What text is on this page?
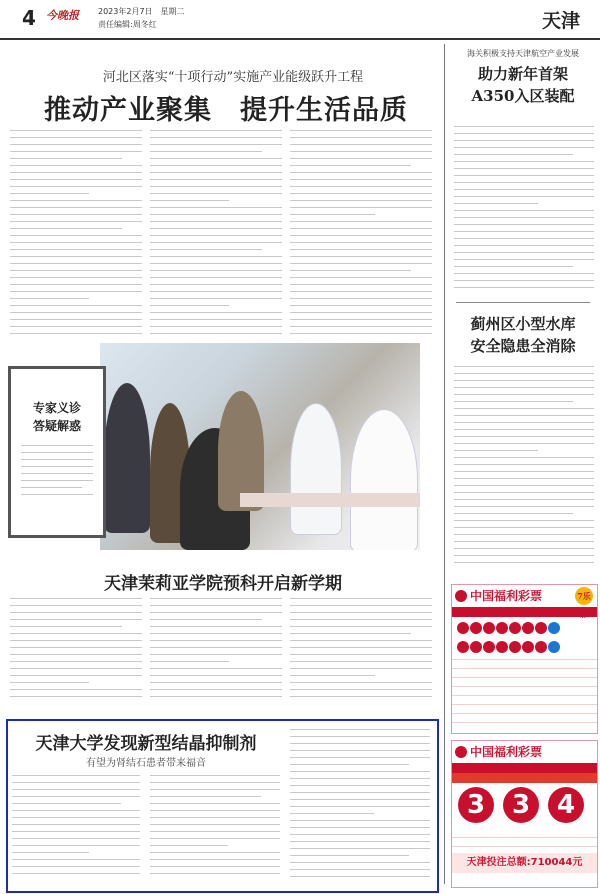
4 今晚报 2023年2月7日　星期二
责任编辑:周冬红	天津
河北区落实“十项行动”实施产业能级跃升工程
推动产业聚集　提升生活品质
专家义诊
答疑解惑
天津茉莉亚学院预科开启新学期
天津大学发现新型结晶抑制剂
有望为肾结石患者带来福音
海关积极支持天津航空产业发展
助力新年首架
A350入区装配
蓟州区小型水库
安全隐患全消除
中国福利彩票	7乐彩

中国福利彩票
3 3 4
天津投注总额:710044元
